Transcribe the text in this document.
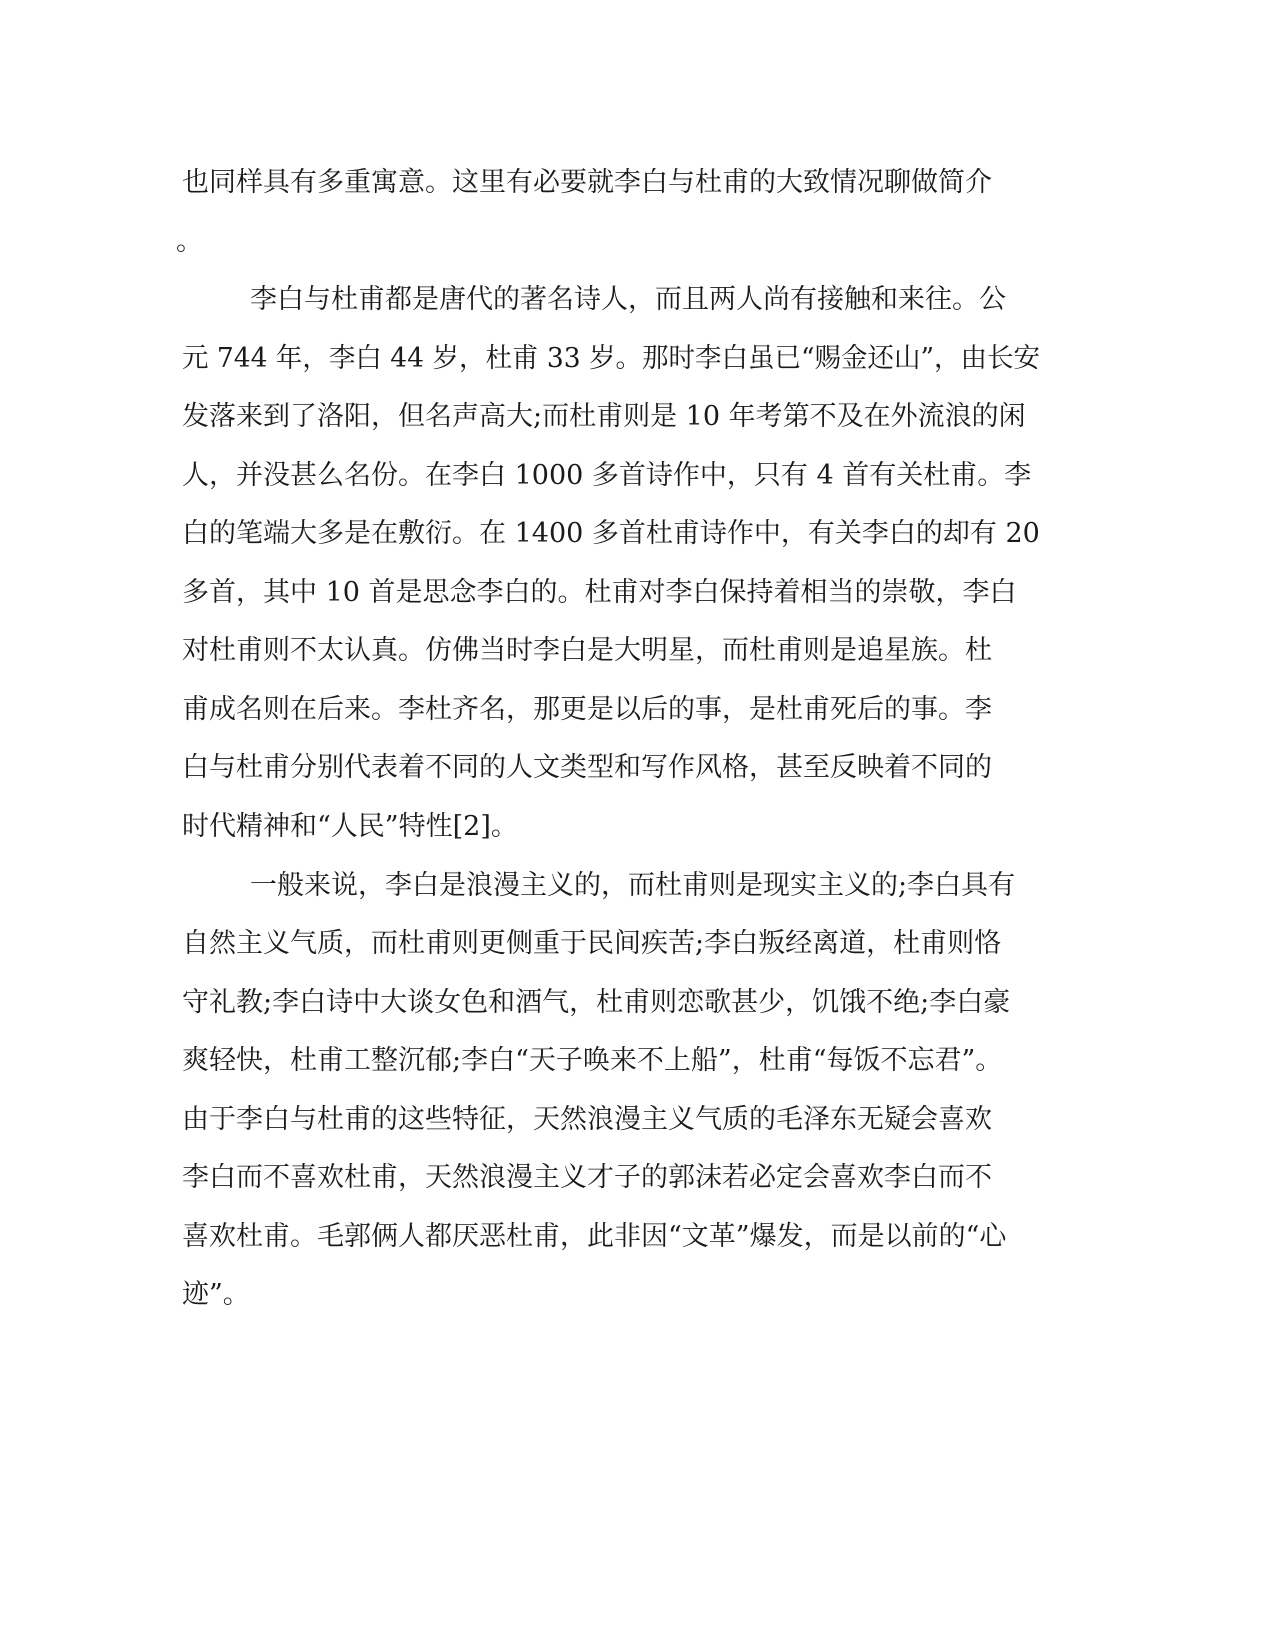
也同样具有多重寓意。这里有必要就李白与杜甫的大致情况聊做简介
。
李白与杜甫都是唐代的著名诗人，而且两人尚有接触和来往。公
元 744 年，李白 44 岁，杜甫 33 岁。那时李白虽已“赐金还山”，由长安
发落来到了洛阳，但名声高大;而杜甫则是 10 年考第不及在外流浪的闲
人，并没甚么名份。在李白 1000 多首诗作中，只有 4 首有关杜甫。李
白的笔端大多是在敷衍。在 1400 多首杜甫诗作中，有关李白的却有 20
多首，其中 10 首是思念李白的。杜甫对李白保持着相当的崇敬，李白
对杜甫则不太认真。仿佛当时李白是大明星，而杜甫则是追星族。杜
甫成名则在后来。李杜齐名，那更是以后的事，是杜甫死后的事。李
白与杜甫分别代表着不同的人文类型和写作风格，甚至反映着不同的
时代精神和“人民”特性[2]。
一般来说，李白是浪漫主义的，而杜甫则是现实主义的;李白具有
自然主义气质，而杜甫则更侧重于民间疾苦;李白叛经离道，杜甫则恪
守礼教;李白诗中大谈女色和酒气，杜甫则恋歌甚少，饥饿不绝;李白豪
爽轻快，杜甫工整沉郁;李白“天子唤来不上船”，杜甫“每饭不忘君”。
由于李白与杜甫的这些特征，天然浪漫主义气质的毛泽东无疑会喜欢
李白而不喜欢杜甫，天然浪漫主义才子的郭沫若必定会喜欢李白而不
喜欢杜甫。毛郭俩人都厌恶杜甫，此非因“文革”爆发，而是以前的“心
迹”。
